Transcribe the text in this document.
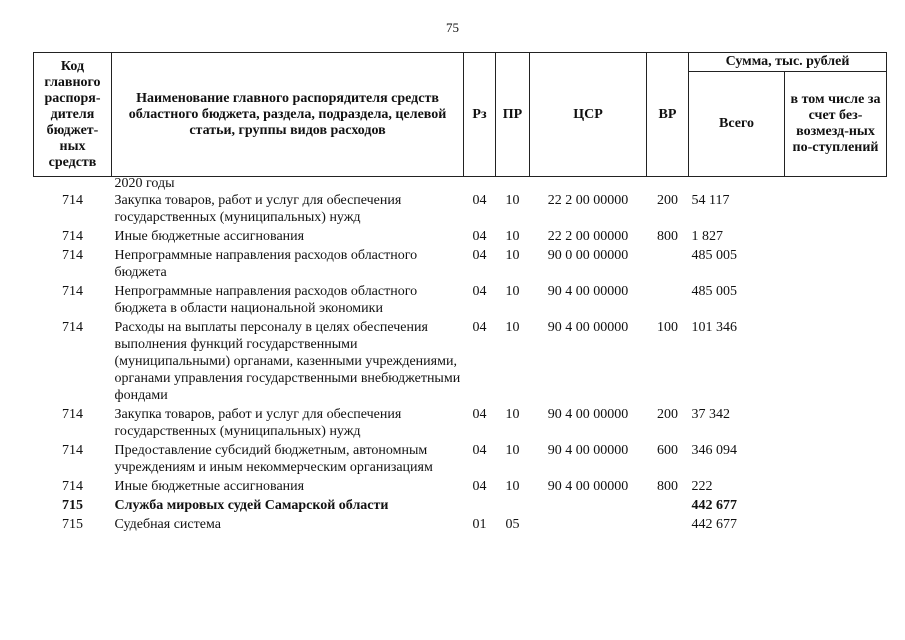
75
Код главного распоря-дителя бюджет-ных средств	Наименование главного распорядителя средств областного бюджета, раздела, подраздела, целевой статьи, группы видов расходов	Рз	ПР	ЦСР	ВР	Сумма, тыс. рублей	
						Всего	в том числе за счет без-возмезд-ных по-ступлений
	2020 годы						
714	Закупка товаров, работ и услуг для обеспечения государственных (муниципальных) нужд	04	10	22 2 00 00000	200	54 117	
714	Иные бюджетные ассигнования	04	10	22 2 00 00000	800	1 827	
714	Непрограммные направления расходов областного бюджета	04	10	90 0 00 00000		485 005	
714	Непрограммные направления расходов областного бюджета в области национальной экономики	04	10	90 4 00 00000		485 005	
714	Расходы на выплаты персоналу в целях обеспечения выполнения функций государственными (муниципальными) органами, казенными учреждениями, органами управления государственными внебюджетными фондами	04	10	90 4 00 00000	100	101 346	
714	Закупка товаров, работ и услуг для обеспечения государственных (муниципальных) нужд	04	10	90 4 00 00000	200	37 342	
714	Предоставление субсидий бюджетным, автономным учреждениям и иным некоммерческим организациям	04	10	90 4 00 00000	600	346 094	
714	Иные бюджетные ассигнования	04	10	90 4 00 00000	800	222	
715	Служба мировых судей Самарской области					442 677	
715	Судебная система	01	05			442 677	
